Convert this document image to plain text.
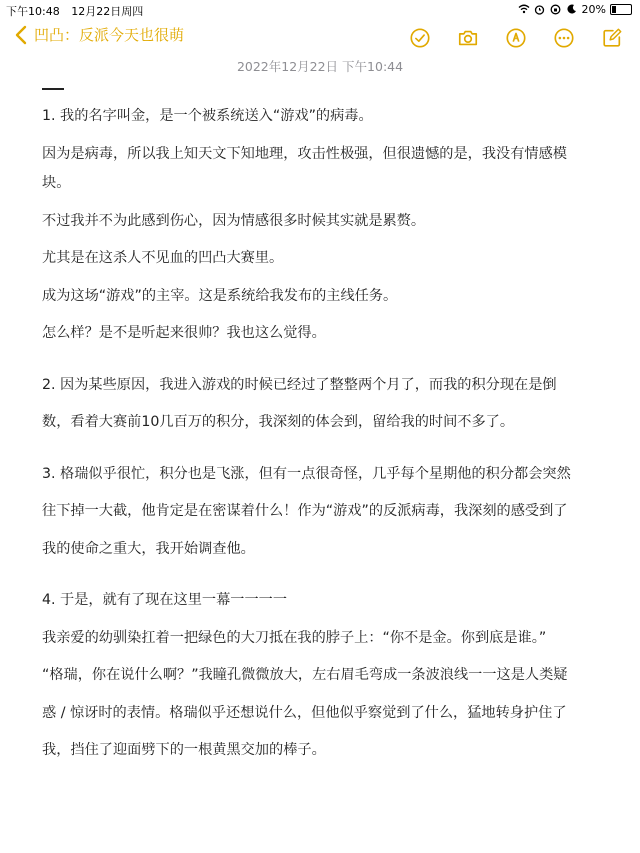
下午10:48 12月22日周四	20%
凹凸：反派今天也很萌
2022年12月22日 下午10:44

1. 我的名字叫金，是一个被系统送入“游戏”的病毒。

因为是病毒，所以我上知天文下知地理，攻击性极强，但很遗憾的是，我没有情感模

块。

不过我并不为此感到伤心，因为情感很多时候其实就是累赘。

尤其是在这杀人不见血的凹凸大赛里。

成为这场“游戏”的主宰。这是系统给我发布的主线任务。

怎么样？是不是听起来很帅？我也这么觉得。

2. 因为某些原因，我进入游戏的时候已经过了整整两个月了，而我的积分现在是倒

数，看着大赛前10几百万的积分，我深刻的体会到，留给我的时间不多了。

3. 格瑞似乎很忙，积分也是飞涨，但有一点很奇怪，几乎每个星期他的积分都会突然

往下掉一大截，他肯定是在密谋着什么！作为“游戏”的反派病毒，我深刻的感受到了

我的使命之重大，我开始调查他。

4. 于是，就有了现在这里一幕一一一一

我亲爱的幼驯染扛着一把绿色的大刀抵在我的脖子上：“你不是金。你到底是谁。”

“格瑞，你在说什么啊？”我瞳孔微微放大，左右眉毛弯成一条波浪线一一这是人类疑

惑 / 惊讶时的表情。格瑞似乎还想说什么，但他似乎察觉到了什么，猛地转身护住了

我，挡住了迎面劈下的一根黄黑交加的棒子。
